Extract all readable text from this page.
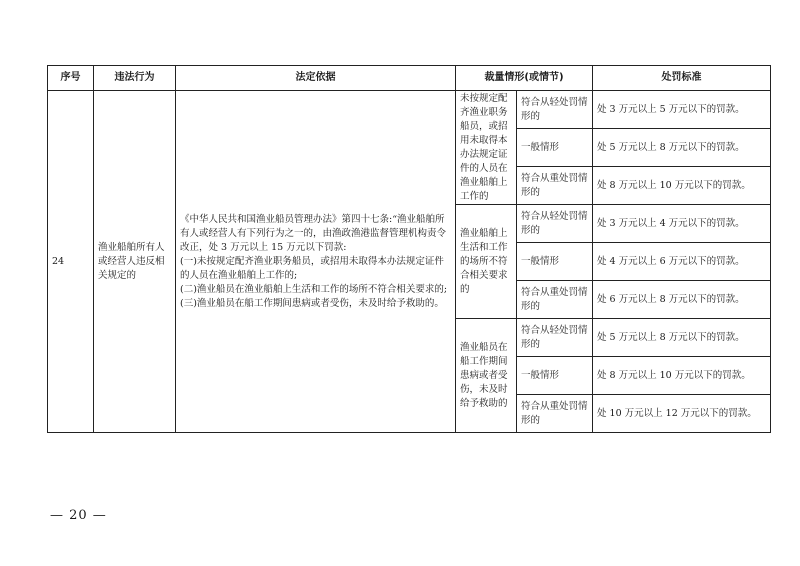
序号	违法行为	法定依据	裁量情形(或情节)		处罚标准
24	渔业船舶所有人或经营人违反相关规定的	《中华人民共和国渔业船员管理办法》第四十七条:“渔业船舶所有人或经营人有下列行为之一的，由渔政渔港监督管理机构责令改正，处 3 万元以上 15 万元以下罚款:

(一)未按规定配齐渔业职务船员，或招用未取得本办法规定证件的人员在渔业船舶上工作的;

(二)渔业船员在渔业船舶上生活和工作的场所不符合相关要求的;

(三)渔业船员在船工作期间患病或者受伤，未及时给予救助的。	未按规定配齐渔业职务船员，或招用未取得本办法规定证件的人员在渔业船舶上工作的	符合从轻处罚情形的	处 3 万元以上 5 万元以下的罚款。
				一般情形	处 5 万元以上 8 万元以下的罚款。
				符合从重处罚情形的	处 8 万元以上 10 万元以下的罚款。
			渔业船舶上生活和工作的场所不符合相关要求的	符合从轻处罚情形的	处 3 万元以上 4 万元以下的罚款。
				一般情形	处 4 万元以上 6 万元以下的罚款。
				符合从重处罚情形的	处 6 万元以上 8 万元以下的罚款。
			渔业船员在船工作期间患病或者受伤，未及时给予救助的	符合从轻处罚情形的	处 5 万元以上 8 万元以下的罚款。
				一般情形	处 8 万元以上 10 万元以下的罚款。
				符合从重处罚情形的	处 10 万元以上 12 万元以下的罚款。
— 20 —
